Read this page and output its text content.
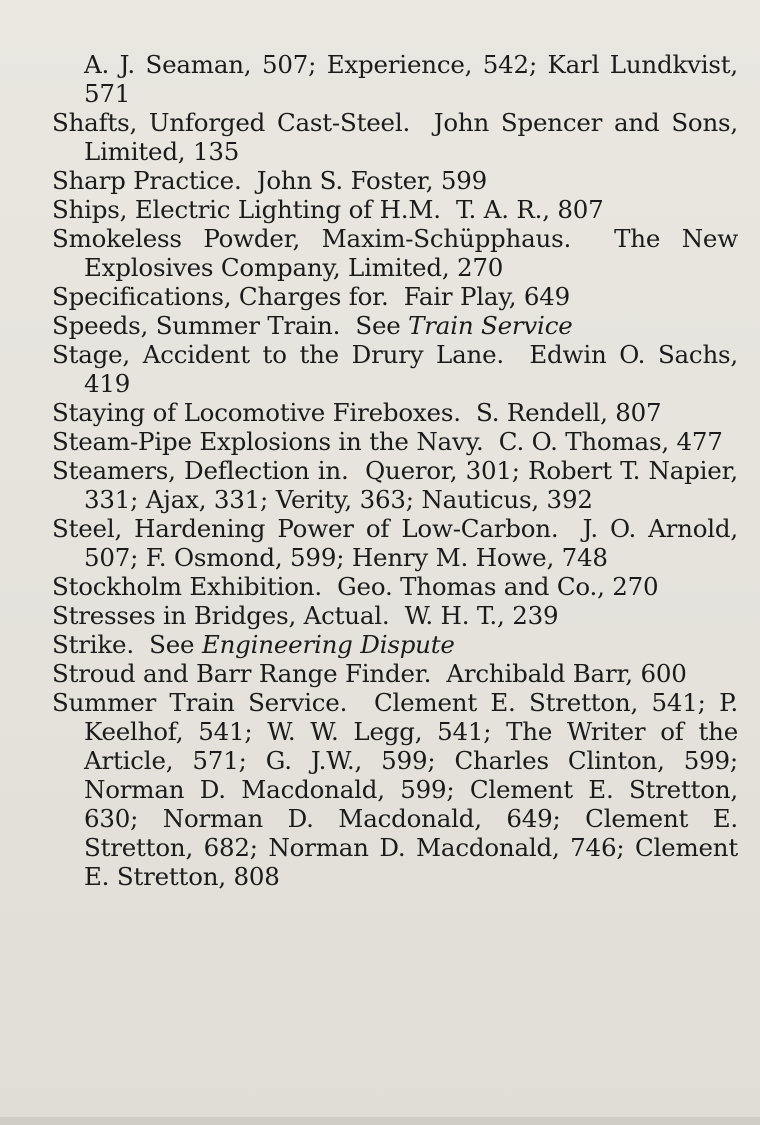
A. J. Seaman, 507; Experience, 542; Karl Lundkvist, 571
Shafts, Unforged Cast-Steel. John Spencer and Sons, Limited, 135
Sharp Practice. John S. Foster, 599
Ships, Electric Lighting of H.M. T. A. R., 807
Smokeless Powder, Maxim-Schüpphaus. The New Explosives Company, Limited, 270
Specifications, Charges for. Fair Play, 649
Speeds, Summer Train. See Train Service
Stage, Accident to the Drury Lane. Edwin O. Sachs, 419
Staying of Locomotive Fireboxes. S. Rendell, 807
Steam-Pipe Explosions in the Navy. C. O. Thomas, 477
Steamers, Deflection in. Queror, 301; Robert T. Napier, 331; Ajax, 331; Verity, 363; Nauticus, 392
Steel, Hardening Power of Low-Carbon. J. O. Arnold, 507; F. Osmond, 599; Henry M. Howe, 748
Stockholm Exhibition. Geo. Thomas and Co., 270
Stresses in Bridges, Actual. W. H. T., 239
Strike. See Engineering Dispute
Stroud and Barr Range Finder. Archibald Barr, 600
Summer Train Service. Clement E. Stretton, 541; P. Keelhof, 541; W. W. Legg, 541; The Writer of the Article, 571; G. J.W., 599; Charles Clinton, 599; Norman D. Macdonald, 599; Clement E. Stretton, 630; Norman D. Macdonald, 649; Clement E. Stretton, 682; Norman D. Macdonald, 746; Clement E. Stretton, 808
